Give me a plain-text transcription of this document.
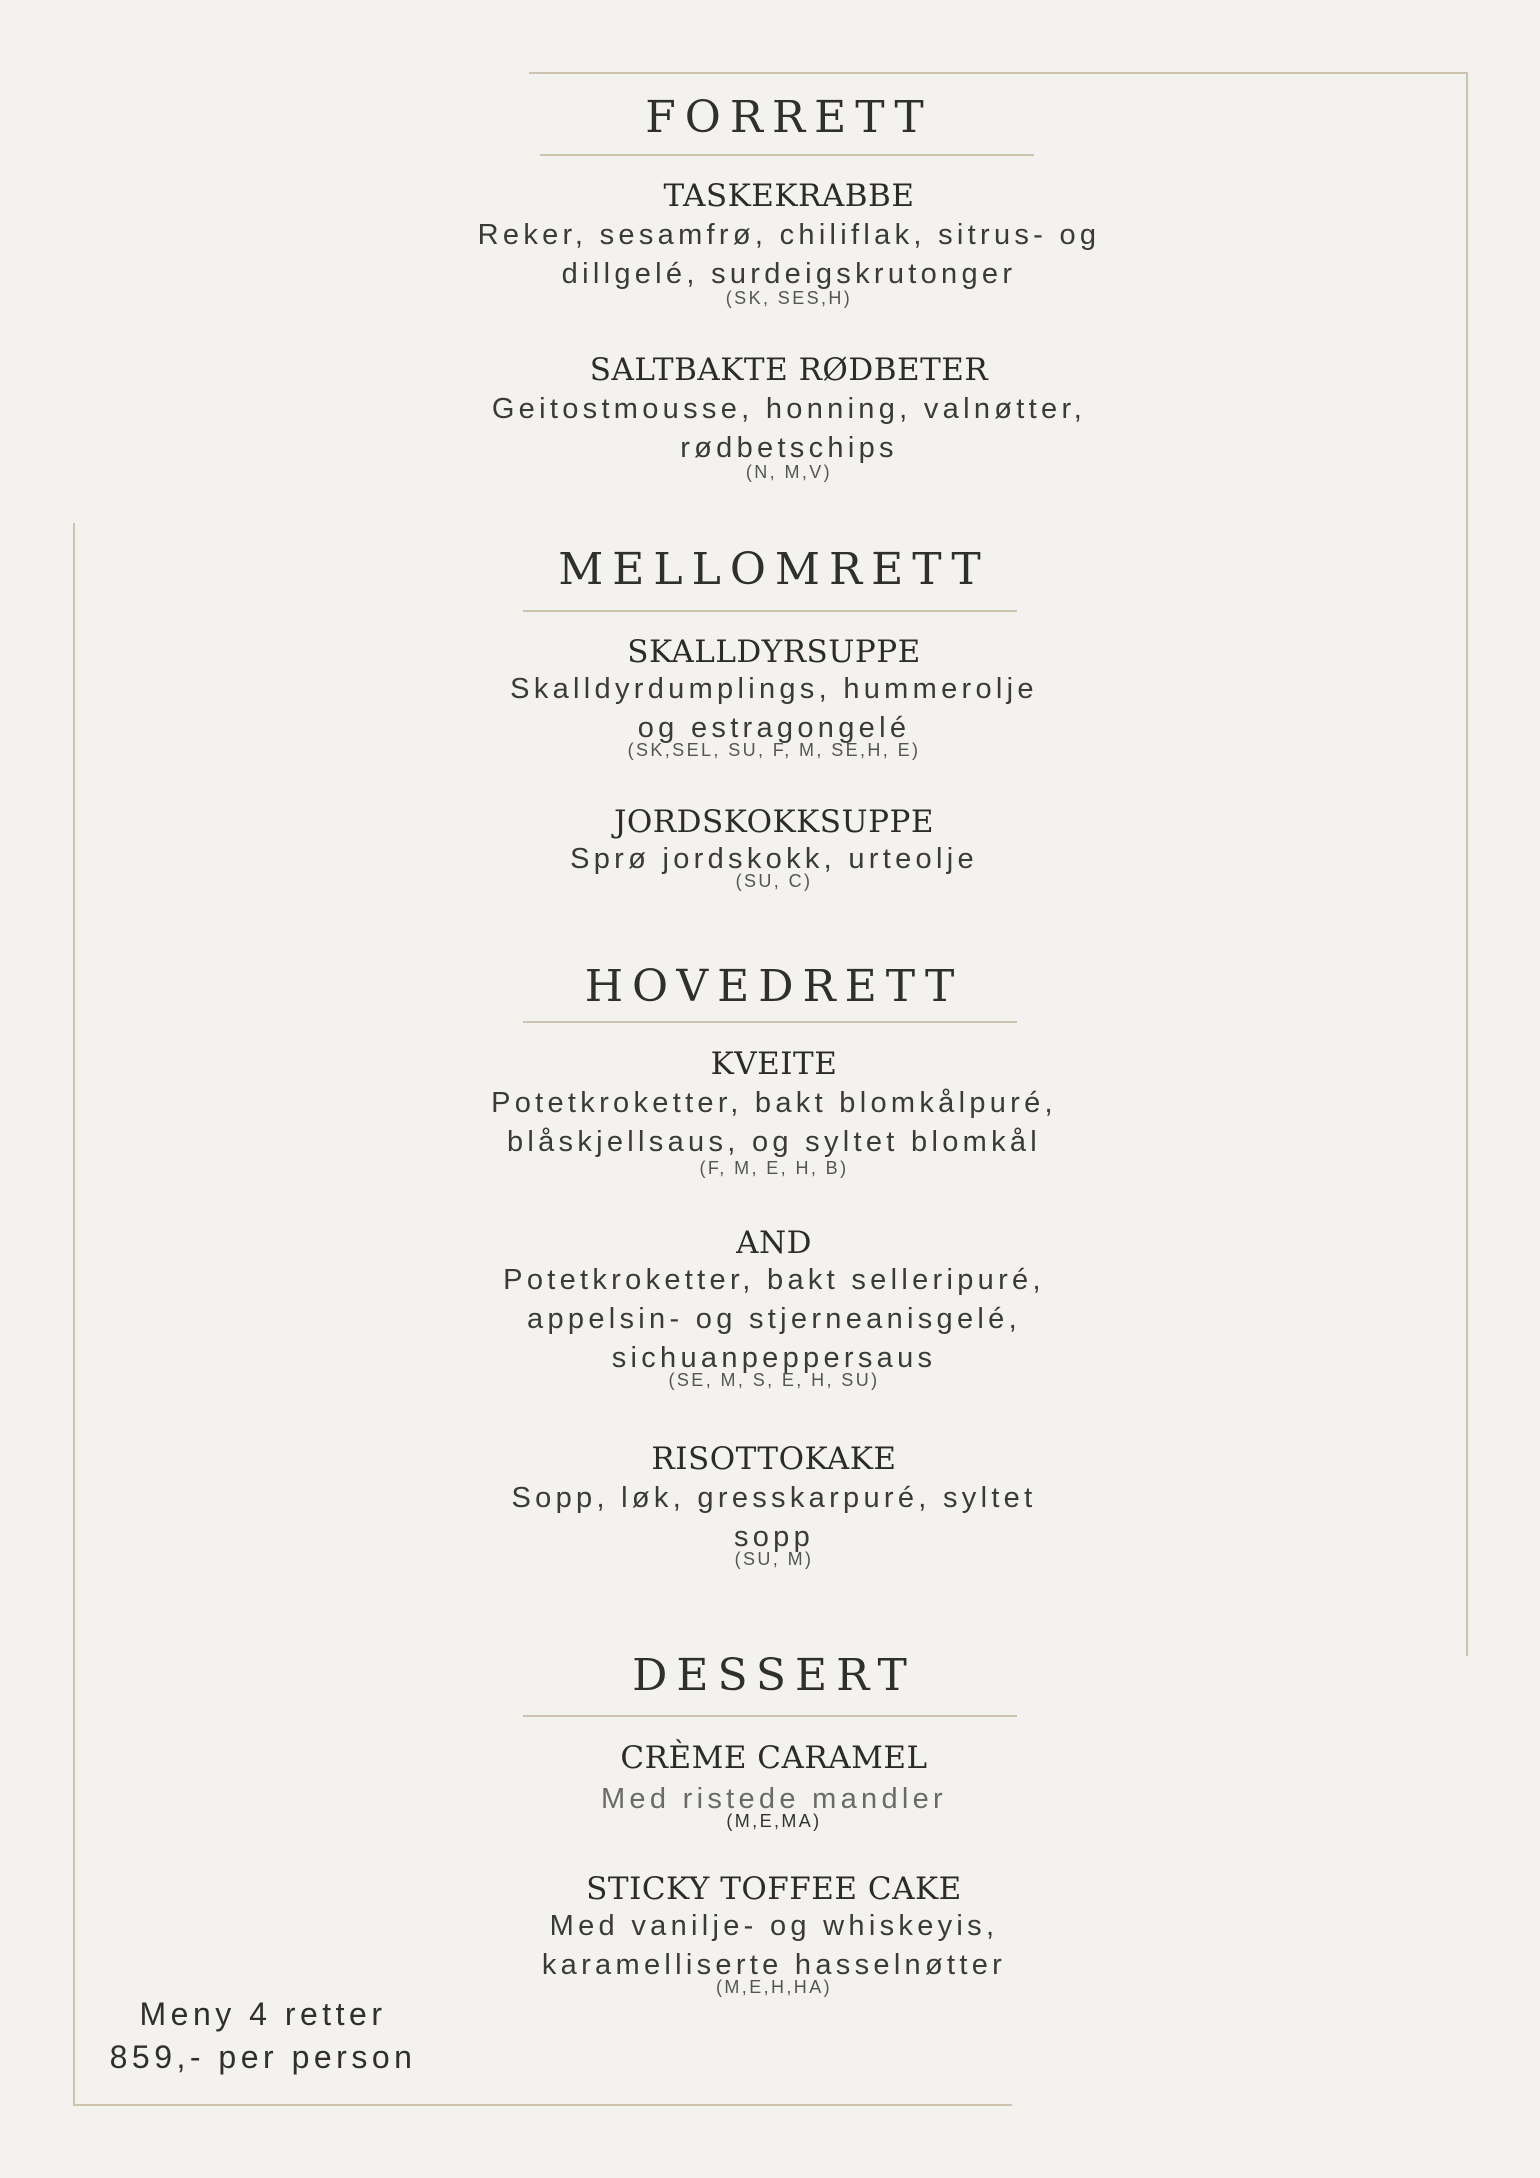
FORRETT
TASKEKRABBE
Reker, sesamfrø, chiliflak, sitrus- og
dillgelé, surdeigskrutonger
(SK, SES,H)
SALTBAKTE RØDBETER
Geitostmousse, honning, valnøtter,
rødbetschips
(N, M,V)
MELLOMRETT
SKALLDYRSUPPE
Skalldyrdumplings, hummerolje
og estragongelé
(SK,SEL, SU, F, M, SE,H, E)
JORDSKOKKSUPPE
Sprø jordskokk, urteolje
(SU, C)
HOVEDRETT
KVEITE
Potetkroketter, bakt blomkålpuré,
blåskjellsaus, og syltet blomkål
(F, M, E, H, B)
AND
Potetkroketter, bakt selleripuré,
appelsin- og stjerneanisgelé,
sichuanpeppersaus
(SE, M, S, E, H, SU)
RISOTTOKAKE
Sopp, løk, gresskarpuré, syltet
sopp
(SU, M)
DESSERT
CRÈME CARAMEL
Med ristede mandler
(M,E,MA)
STICKY TOFFEE CAKE
Med vanilje- og whiskeyis,
karamelliserte hasselnøtter
(M,E,H,HA)
Meny 4 retter
859,- per person
